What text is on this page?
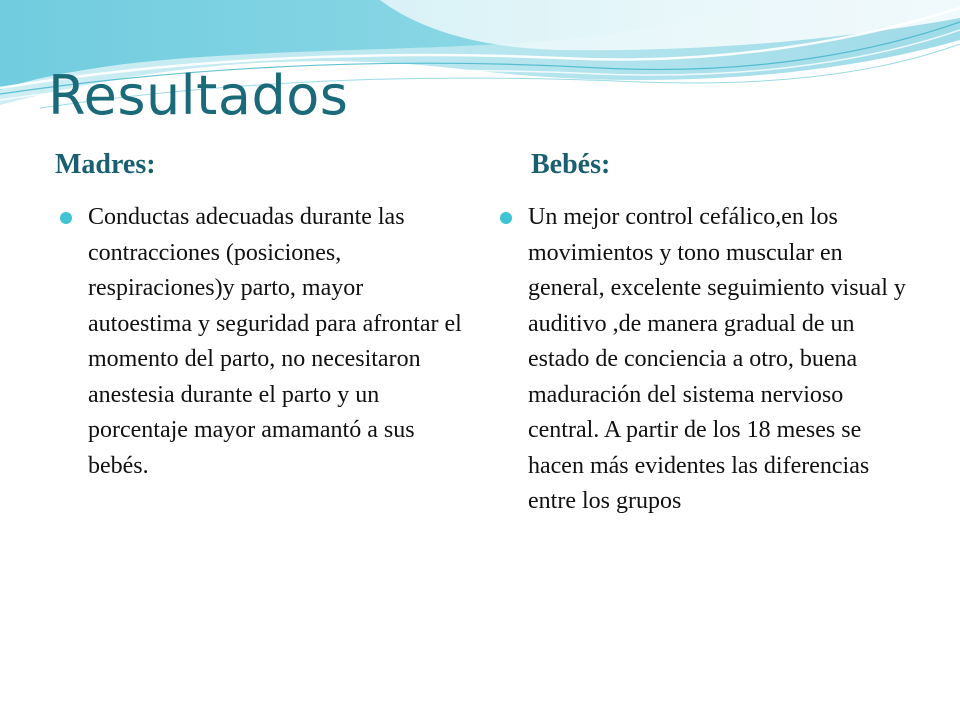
Resultados
Madres:	Bebés:
Conductas adecuadas durante las contracciones (posiciones, respiraciones)y parto, mayor autoestima y seguridad para afrontar el momento del parto, no necesitaron anestesia durante el parto y un porcentaje mayor amamantó a sus bebés.
Un mejor control cefálico,en los movimientos y tono muscular en general, excelente seguimiento visual y auditivo ,de manera gradual de un estado de conciencia a otro, buena maduración del sistema nervioso central. A partir de los 18 meses se hacen más evidentes las diferencias entre los grupos
